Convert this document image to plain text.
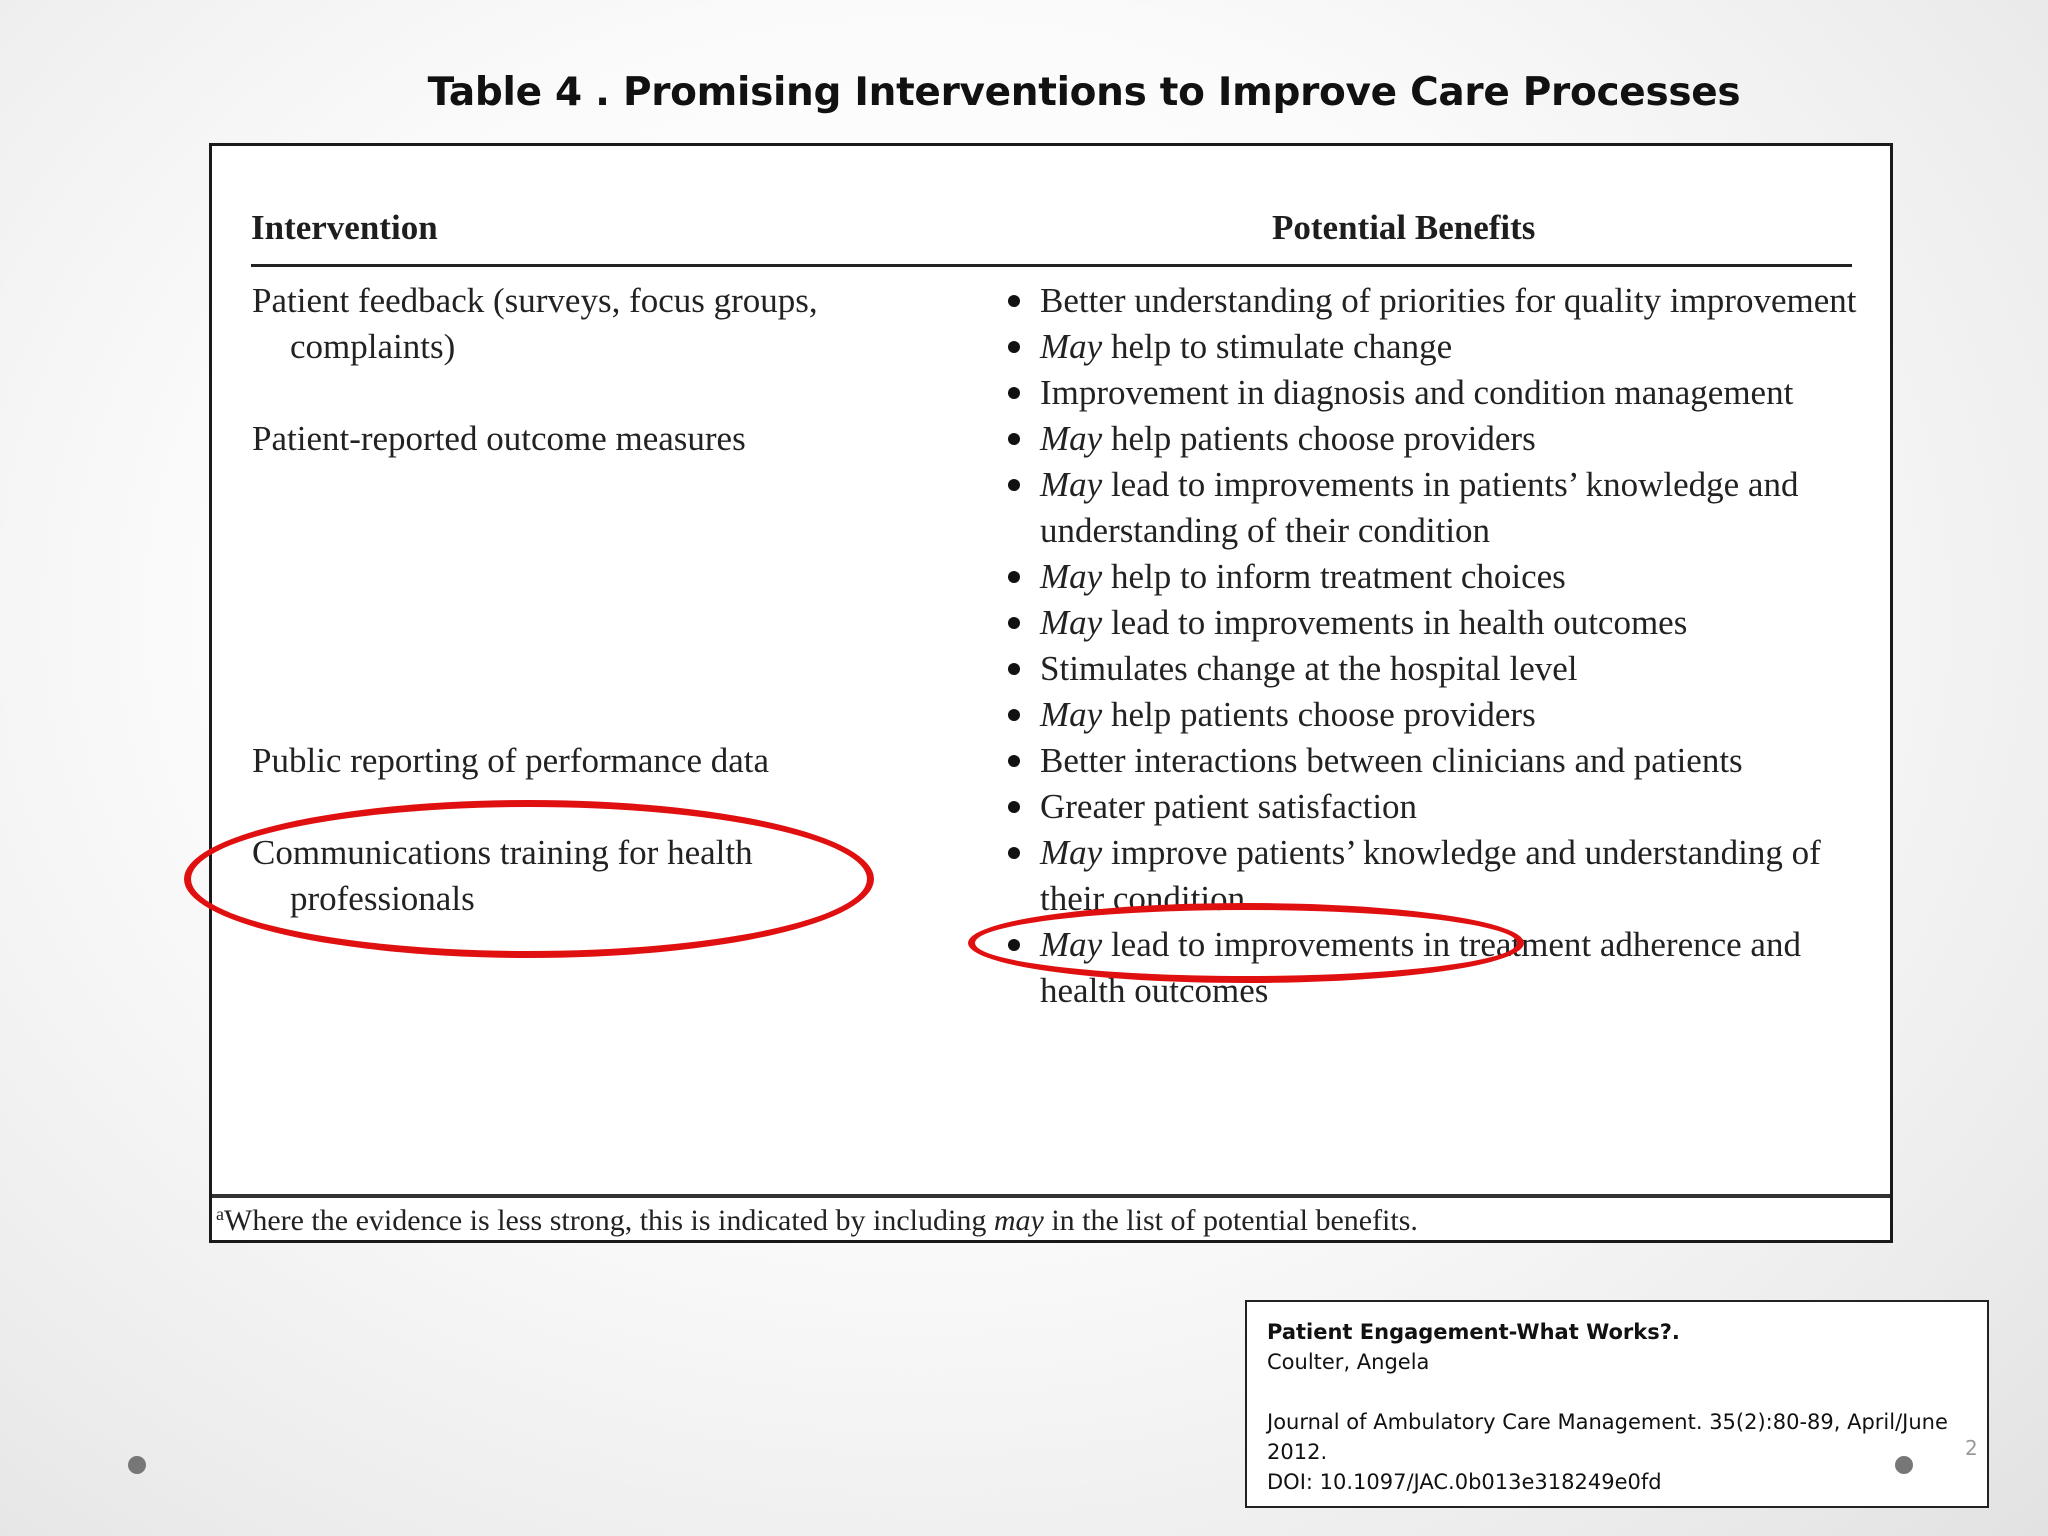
Table 4 . Promising Interventions to Improve Care Processes
Intervention	Potential Benefits
Patient feedback (surveys, focus groups, complaints)
Patient-reported outcome measures
Public reporting of performance data
Communications training for health professionals
Better understanding of priorities for quality improvement
May help to stimulate change
Improvement in diagnosis and condition management
May help patients choose providers
May lead to improvements in patients’ knowledge and understanding of their condition
May help to inform treatment choices
May lead to improvements in health outcomes
Stimulates change at the hospital level
May help patients choose providers
Better interactions between clinicians and patients
Greater patient satisfaction
May improve patients’ knowledge and understanding of their condition
May lead to improvements in treatment adherence and health outcomes
$^a$Where the evidence is less strong, this is indicated by including may in the list of potential benefits.
Patient Engagement-What Works?.
Coulter, Angela
Journal of Ambulatory Care Management. 35(2):80-89, April/June
2012.
DOI: 10.1097/JAC.0b013e318249e0fd
2
